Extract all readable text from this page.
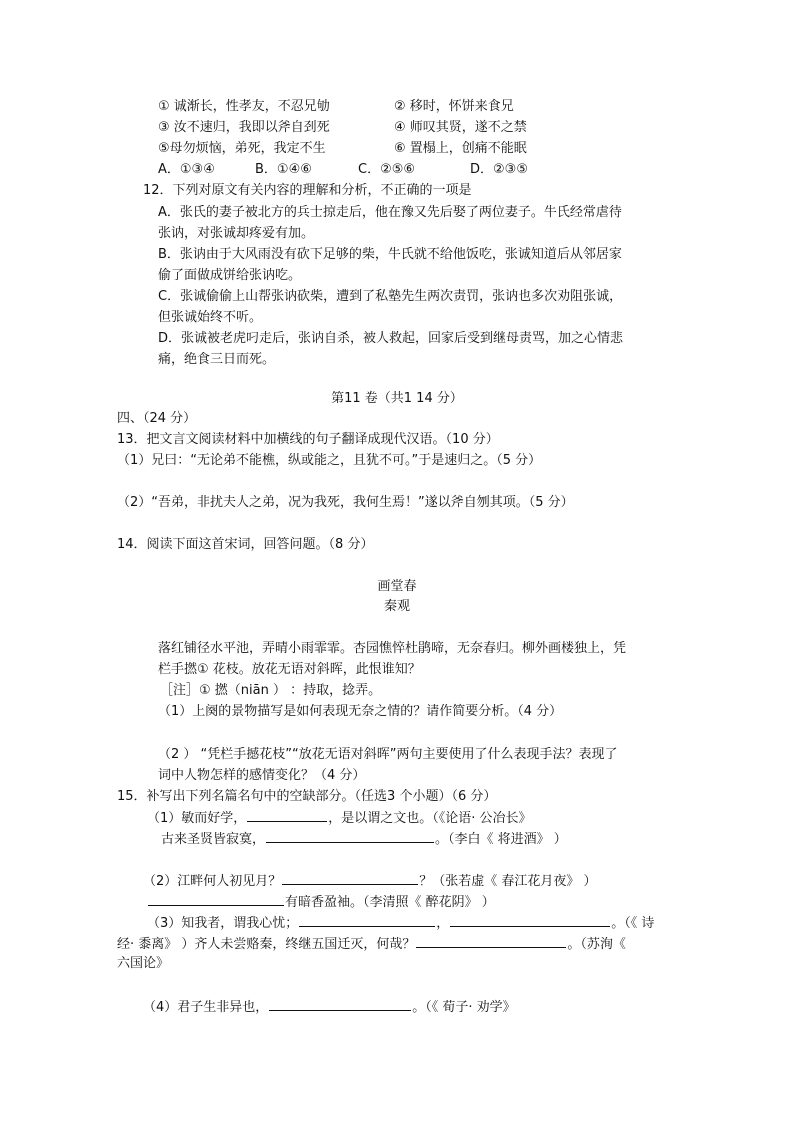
① 诚渐长，性孝友，不忍兄劬	② 移时，怀饼来食兄
③ 汝不速归，我即以斧自刭死	④ 师叹其贤，遂不之禁
⑤母勿烦恼，弟死，我定不生	⑥ 置榻上，创痛不能眠
A．①③④	B．①④⑥	C．②⑤⑥	D．②③⑤
12．下列对原文有关内容的理解和分析，不正确的一项是
A．张氏的妻子被北方的兵士掠走后，他在豫又先后娶了两位妻子。牛氏经常虐待
张讷，对张诚却疼爱有加。
B．张讷由于大风雨没有砍下足够的柴，牛氏就不给他饭吃，张诚知道后从邻居家
偷了面做成饼给张讷吃。
C．张诚偷偷上山帮张讷砍柴，遭到了私塾先生两次责罚，张讷也多次劝阻张诚，
但张诚始终不听。
D．张诚被老虎叼走后，张讷自杀，被人救起，回家后受到继母责骂，加之心情悲
痛，绝食三日而死。
第11 卷（共1 14 分）
四、（24 分）
13．把文言文阅读材料中加横线的句子翻译成现代汉语。（10 分）
（1）兄曰：“无论弟不能樵，纵或能之，且犹不可。”于是速归之。（5 分）
（2）“吾弟，非扰夫人之弟，况为我死，我何生焉！”遂以斧自刎其项。（5 分）
14．阅读下面这首宋词，回答问题。（8 分）
画堂春
秦观
落红铺径水平池，弄晴小雨霏霏。杏园憔悴杜鹃啼，无奈春归。柳外画楼独上，凭
栏手撚① 花枝。放花无语对斜晖，此恨谁知？
［注］① 撚（niān ） ：持取，捻弄。
（1）上阕的景物描写是如何表现无奈之情的？请作简要分析。（4 分）
（2 ） “凭栏手撼花枝”“放花无语对斜晖”两句主要使用了什么表现手法？表现了
词中人物怎样的感情变化？（4 分）
15．补写出下列名篇名句中的空缺部分。（任选3 个小题）（6 分）
（1）敏而好学，	，是以谓之文也。（《论语· 公冶长》
古来圣贤皆寂寞，	。（李白《 将进酒》 ）
（2）江畔何人初见月？	？（张若虚《 春江花月夜》 ）
有暗香盈袖。（李清照《 醉花阴》 ）
（3）知我者，谓我心忧；	，	。（《 诗
经· 黍离》 ）齐人未尝赂秦，终继五国迁灭，何哉？	。（苏洵《
六国论》
（4）君子生非异也，	。（《 荀子· 劝学》
